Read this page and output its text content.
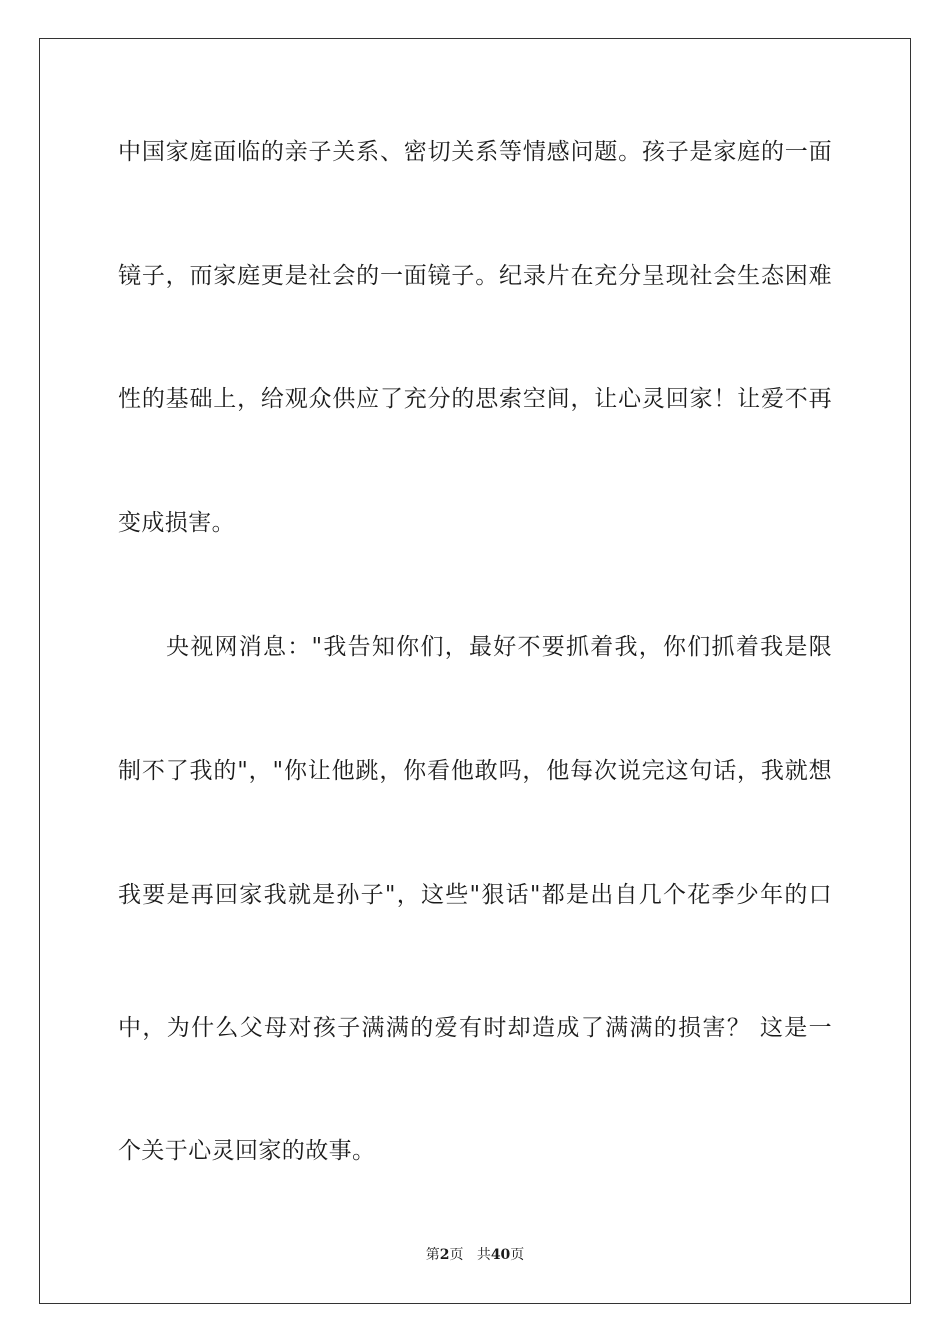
中国家庭面临的亲子关系、密切关系等情感问题。孩子是家庭的一面
镜子，而家庭更是社会的一面镜子。纪录片在充分呈现社会生态困难
性的基础上，给观众供应了充分的思索空间，让心灵回家！让爱不再
变成损害。
央视网消息："我告知你们，最好不要抓着我，你们抓着我是限
制不了我的"，"你让他跳，你看他敢吗，他每次说完这句话，我就想
我要是再回家我就是孙子"，这些"狠话"都是出自几个花季少年的口
中，为什么父母对孩子满满的爱有时却造成了满满的损害？ 这是一
个关于心灵回家的故事。
第2页 共40页
